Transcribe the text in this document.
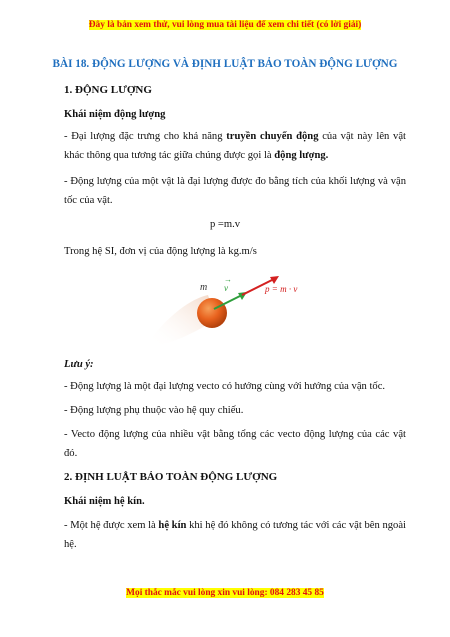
Đây là bản xem thử, vui lòng mua tài liệu để xem chi tiết (có lời giải)
BÀI 18. ĐỘNG LƯỢNG VÀ ĐỊNH LUẬT BẢO TOÀN ĐỘNG LƯỢNG
1. ĐỘNG LƯỢNG
Khái niệm động lượng
- Đại lượng đặc trưng cho khả năng truyền chuyển động của vật này lên vật khác thông qua tương tác giữa chúng được gọi là động lượng.
- Động lượng của một vật là đại lượng được đo bằng tích của khối lượng và vận tốc của vật.
p =m.v
Trong hệ SI, đơn vị của động lượng là kg.m/s
m v
→
p = m · v
Lưu ý:
- Động lượng là một đại lượng vecto có hướng cùng với hướng của vận tốc.
- Động lượng phụ thuộc vào hệ quy chiếu.
- Vecto động lượng của nhiều vật bằng tổng các vecto động lượng của các vật đó.
2. ĐỊNH LUẬT BẢO TOÀN ĐỘNG LƯỢNG
Khái niệm hệ kín.
- Một hệ được xem là hệ kín khi hệ đó không có tương tác với các vật bên ngoài hệ.
Mọi thắc mắc vui lòng xin vui lòng: 084 283 45 85
